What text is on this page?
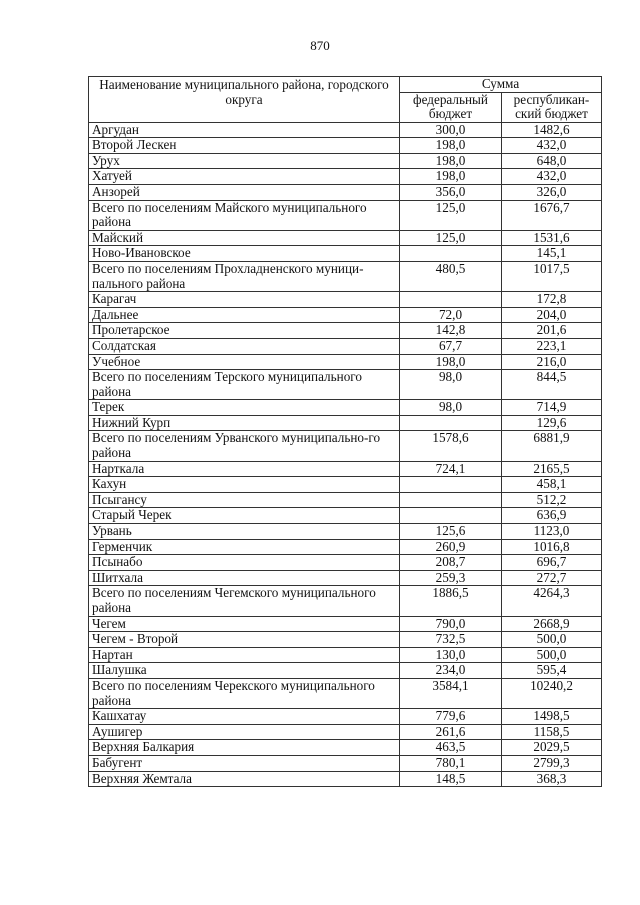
870
Наименование муниципального района, городского округа	Сумма	
	федеральный бюджет	республикан-ский бюджет
Аргудан	300,0	1482,6
Второй Лескен	198,0	432,0
Урух	198,0	648,0
Хатуей	198,0	432,0
Анзорей	356,0	326,0
Всего по поселениям Майского муниципального района	125,0	1676,7
Майский	125,0	1531,6
Ново-Ивановское		145,1
Всего по поселениям Прохладненского муници-пального района	480,5	1017,5
Карагач		172,8
Дальнее	72,0	204,0
Пролетарское	142,8	201,6
Солдатская	67,7	223,1
Учебное	198,0	216,0
Всего по поселениям Терского муниципального района	98,0	844,5
Терек	98,0	714,9
Нижний Курп		129,6
Всего по поселениям Урванского муниципально-го района	1578,6	6881,9
Нарткала	724,1	2165,5
Кахун		458,1
Псыгансу		512,2
Старый Черек		636,9
Урвань	125,6	1123,0
Герменчик	260,9	1016,8
Псынабо	208,7	696,7
Шитхала	259,3	272,7
Всего по поселениям Чегемского муниципального района	1886,5	4264,3
Чегем	790,0	2668,9
Чегем - Второй	732,5	500,0
Нартан	130,0	500,0
Шалушка	234,0	595,4
Всего по поселениям Черекского муниципального района	3584,1	10240,2
Кашхатау	779,6	1498,5
Аушигер	261,6	1158,5
Верхняя Балкария	463,5	2029,5
Бабугент	780,1	2799,3
Верхняя Жемтала	148,5	368,3
